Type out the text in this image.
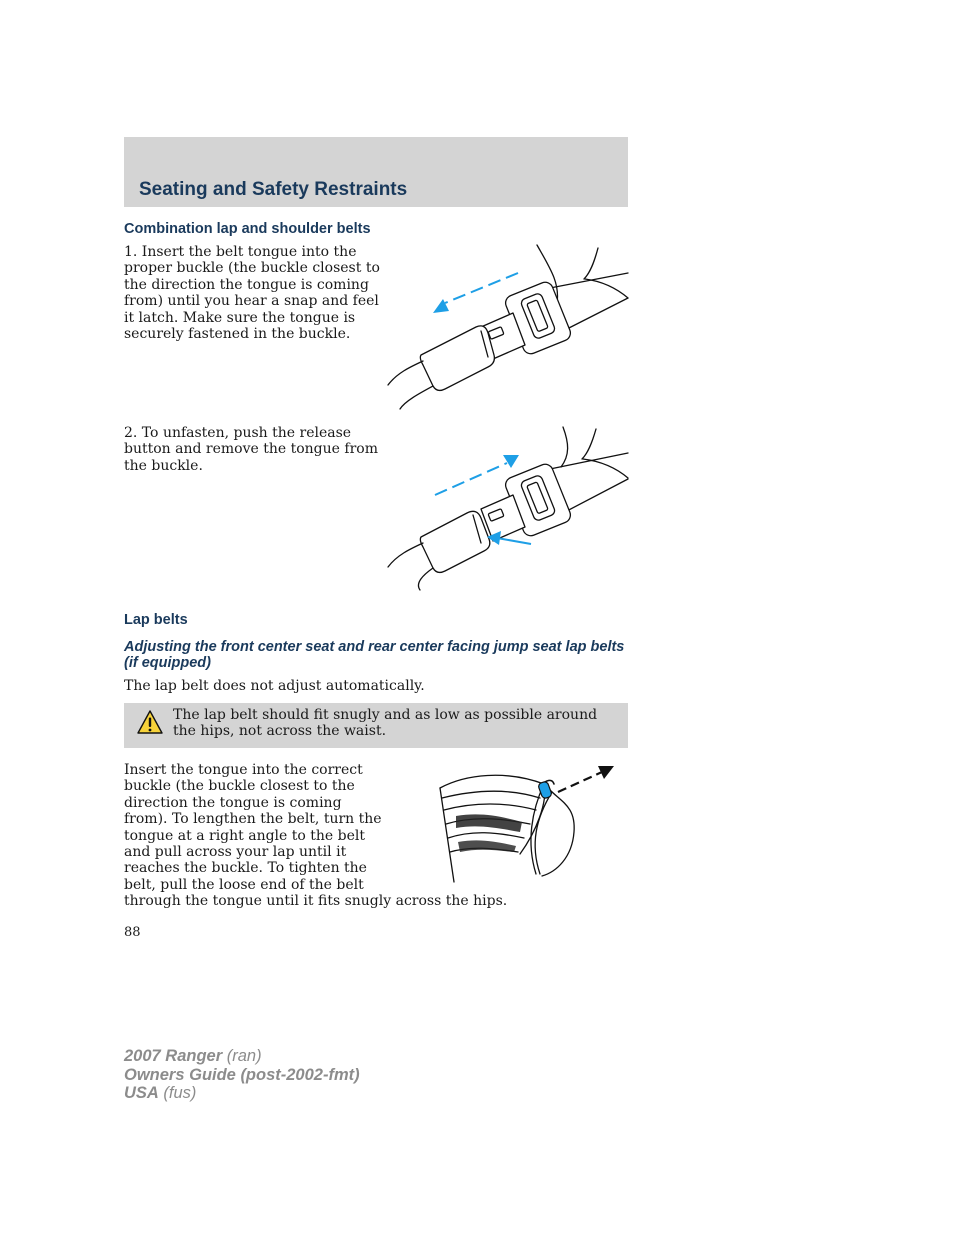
Seating and Safety Restraints
Combination lap and shoulder belts

1. Insert the belt tongue into the proper buckle (the buckle closest to the direction the tongue is coming from) until you hear a snap and feel it latch. Make sure the tongue is securely fastened in the buckle.

2. To unfasten, push the release button and remove the tongue from the buckle.

Lap belts
Adjusting the front center seat and rear center facing jump seat lap belts (if equipped)

The lap belt does not adjust automatically.

The lap belt should fit snugly and as low as possible around the hips, not across the waist.

Insert the tongue into the correct buckle (the buckle closest to the direction the tongue is coming from). To lengthen the belt, turn the tongue at a right angle to the belt and pull across your lap until it reaches the buckle. To tighten the belt, pull the loose end of the belt

through the tongue until it fits snugly across the hips.

88
2007 Ranger (ran)
Owners Guide (post-2002-fmt)
USA (fus)
